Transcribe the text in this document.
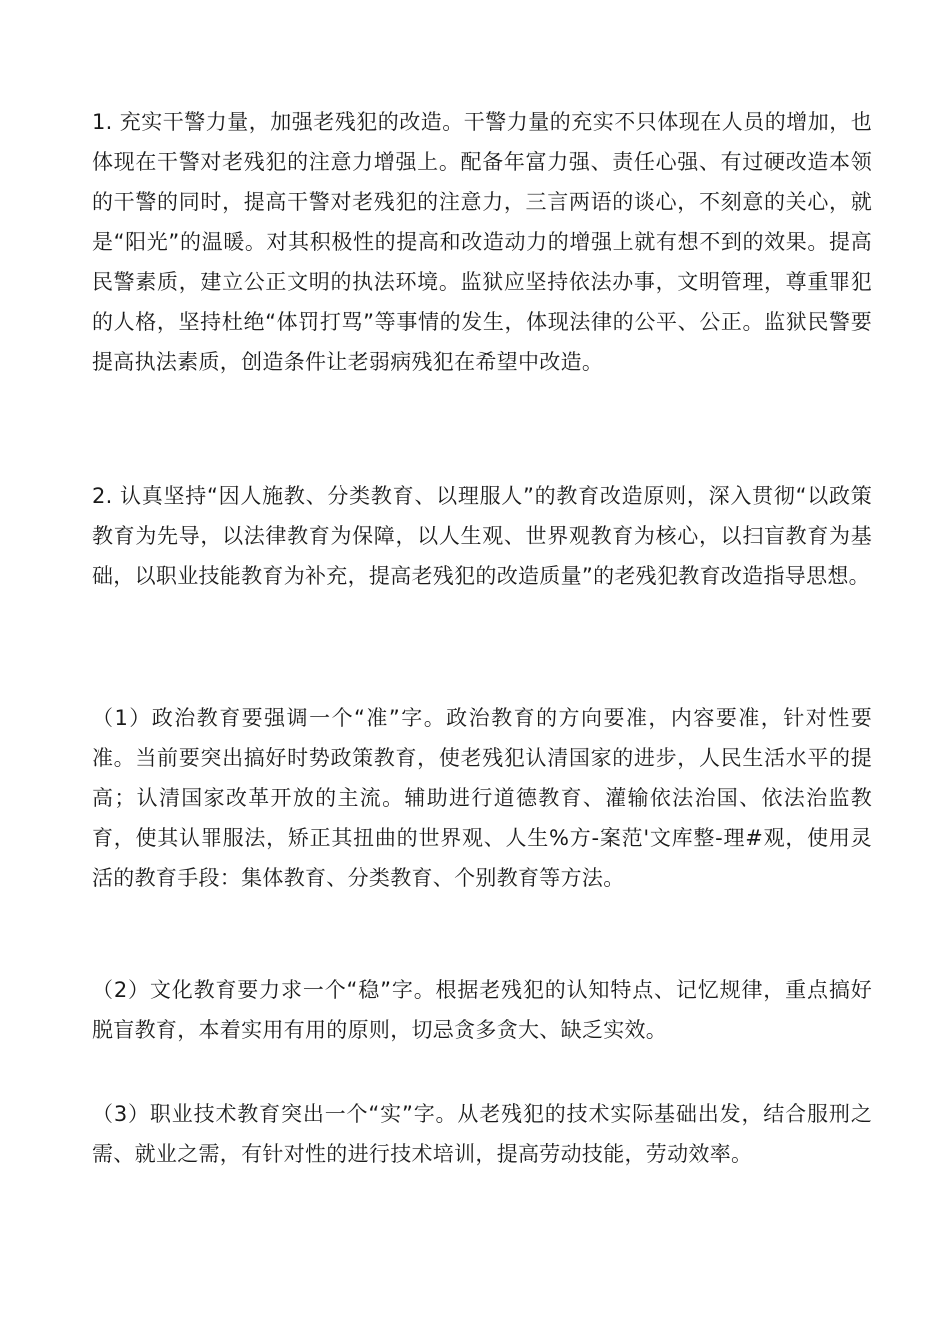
1. 充实干警力量，加强老残犯的改造。干警力量的充实不只体现在人员的增加，也体现在干警对老残犯的注意力增强上。配备年富力强、责任心强、有过硬改造本领的干警的同时，提高干警对老残犯的注意力，三言两语的谈心，不刻意的关心，就是“阳光”的温暖。对其积极性的提高和改造动力的增强上就有想不到的效果。提高民警素质，建立公正文明的执法环境。监狱应坚持依法办事，文明管理，尊重罪犯的人格，坚持杜绝“体罚打骂”等事情的发生，体现法律的公平、公正。监狱民警要提高执法素质，创造条件让老弱病残犯在希望中改造。

2. 认真坚持“因人施教、分类教育、以理服人”的教育改造原则，深入贯彻“以政策教育为先导，以法律教育为保障，以人生观、世界观教育为核心，以扫盲教育为基础，以职业技能教育为补充，提高老残犯的改造质量”的老残犯教育改造指导思想。

（1）政治教育要强调一个“准”字。政治教育的方向要准，内容要准，针对性要准。当前要突出搞好时势政策教育，使老残犯认清国家的进步，人民生活水平的提高；认清国家改革开放的主流。辅助进行道德教育、灌输依法治国、依法治监教育，使其认罪服法，矫正其扭曲的世界观、人生%方-案范'文库整-理#观，使用灵活的教育手段：集体教育、分类教育、个别教育等方法。

（2）文化教育要力求一个“稳”字。根据老残犯的认知特点、记忆规律，重点搞好脱盲教育，本着实用有用的原则，切忌贪多贪大、缺乏实效。

（3）职业技术教育突出一个“实”字。从老残犯的技术实际基础出发，结合服刑之需、就业之需，有针对性的进行技术培训，提高劳动技能，劳动效率。
